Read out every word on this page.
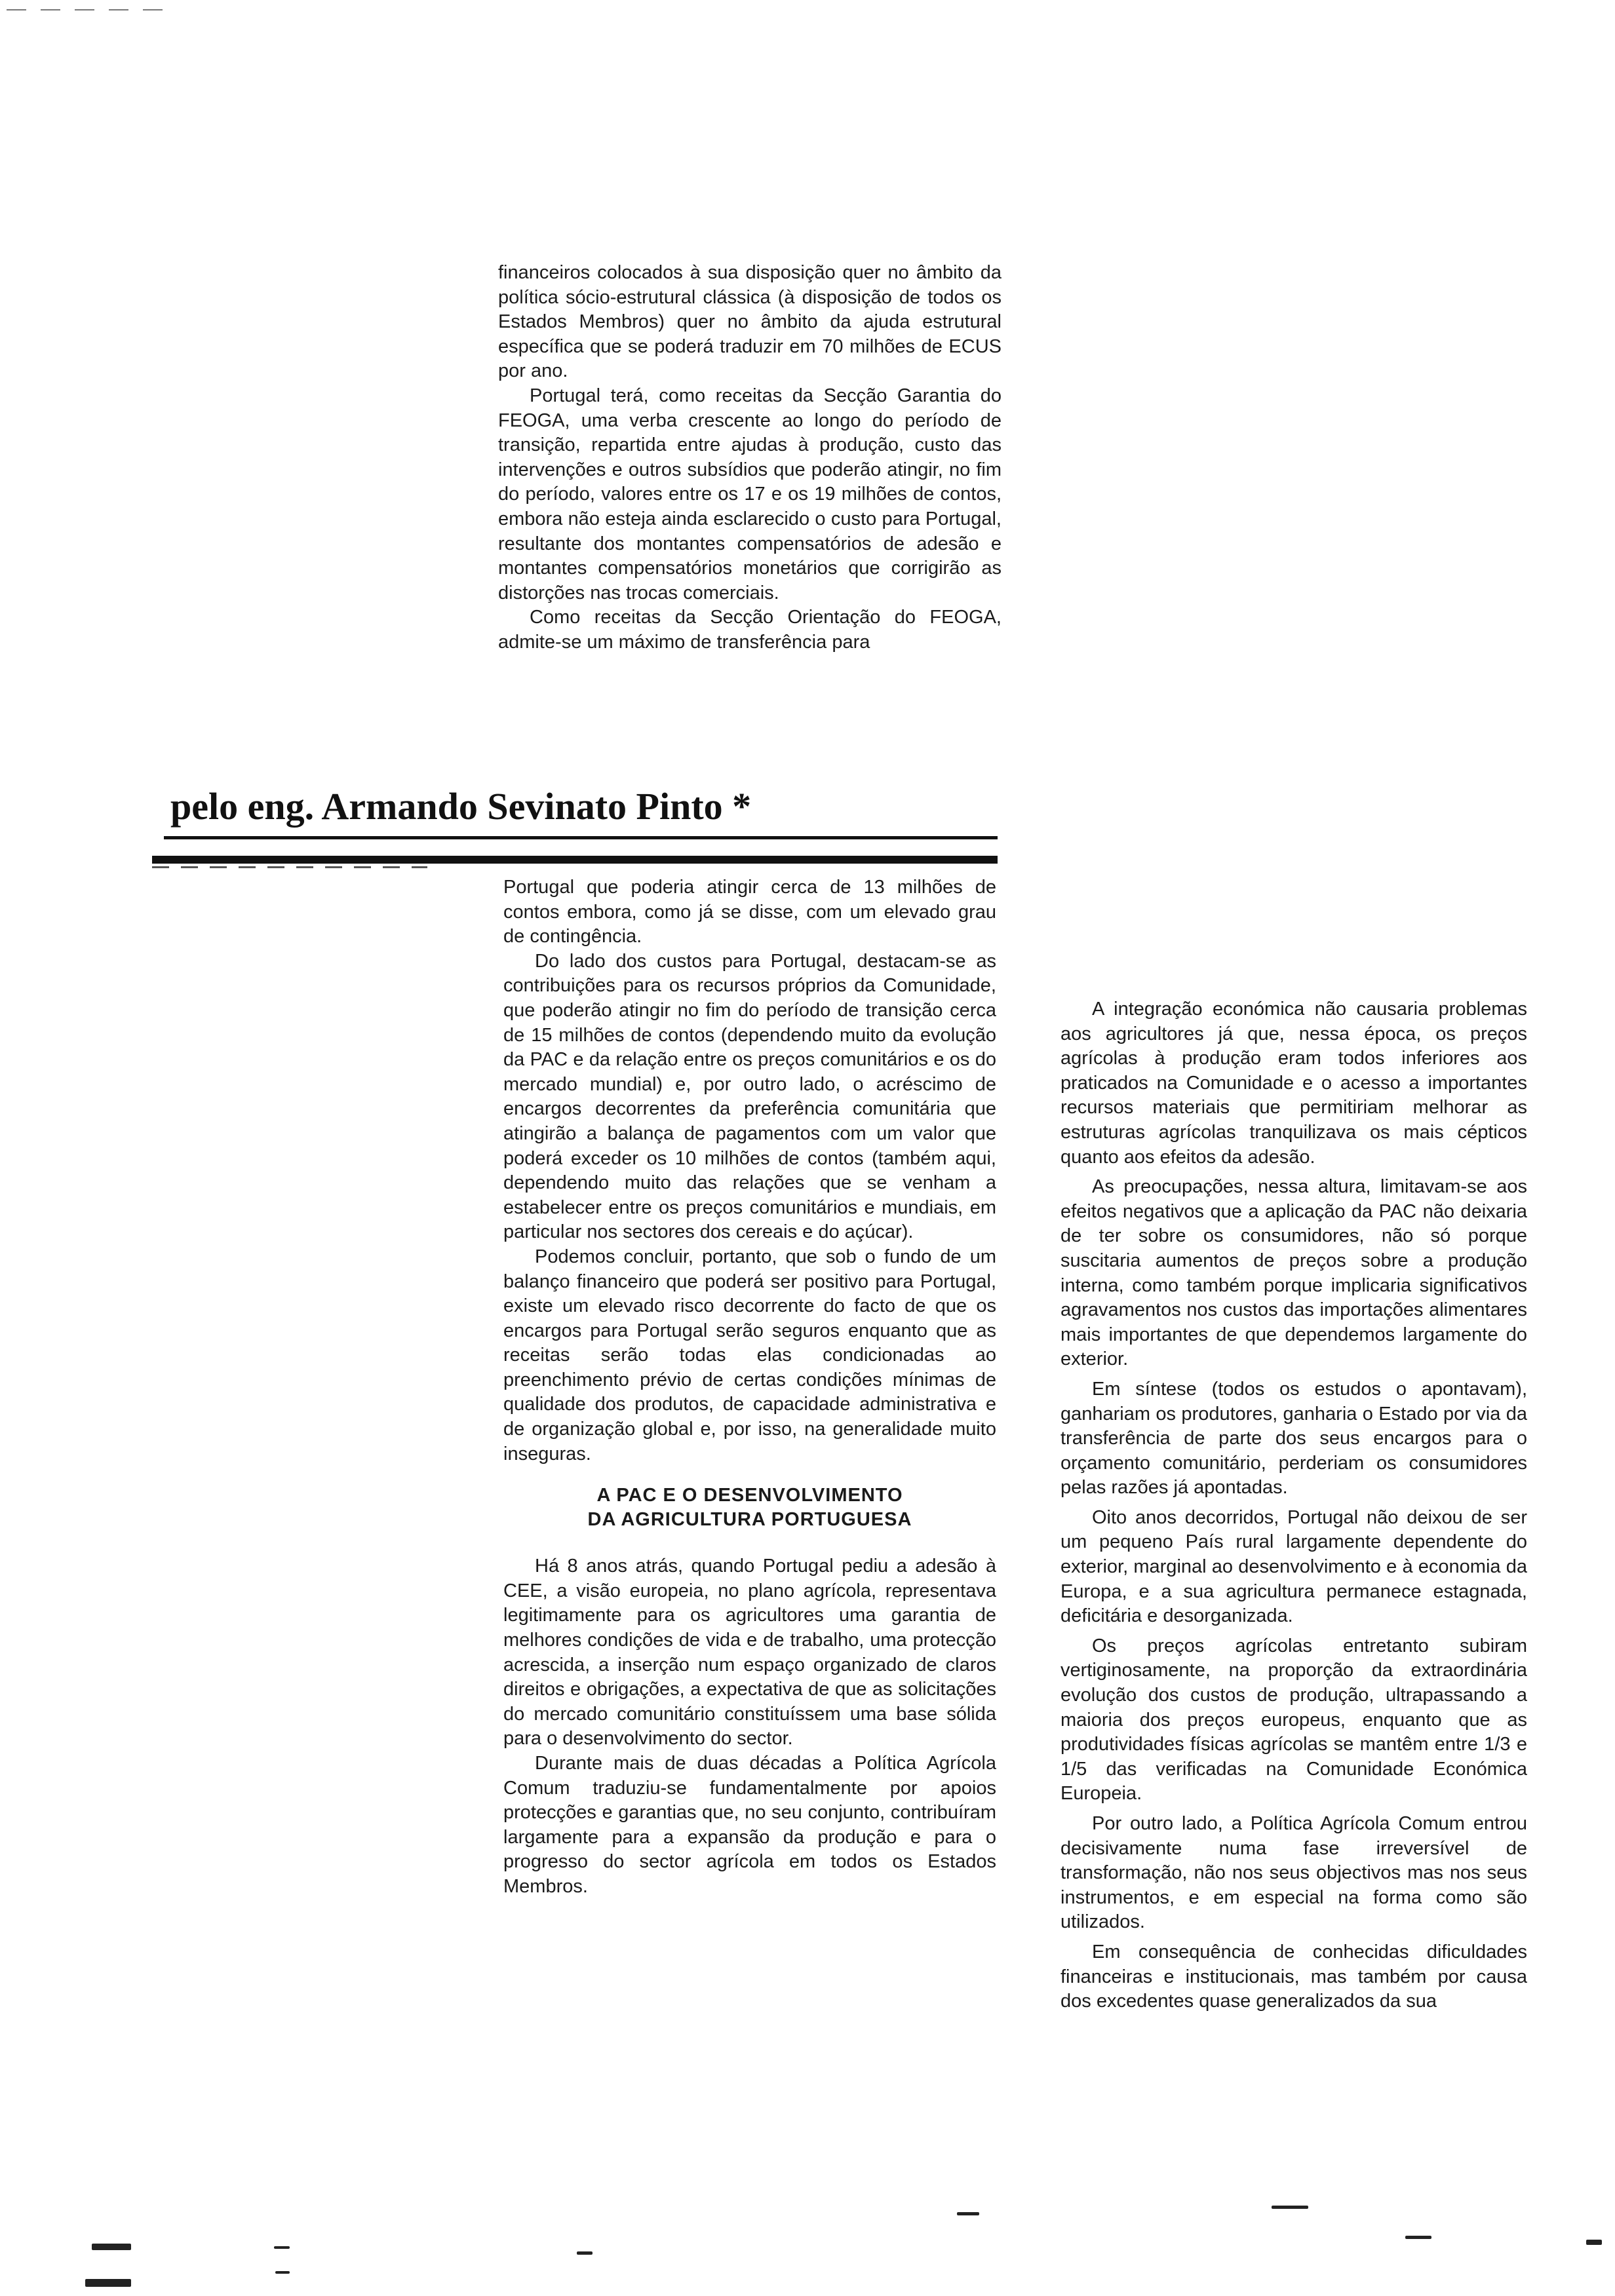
financeiros colocados à sua disposição quer no âmbito da política sócio-estrutural clássica (à disposição de todos os Estados Membros) quer no âmbito da ajuda estrutural específica que se poderá traduzir em 70 milhões de ECUS por ano.

Portugal terá, como receitas da Secção Garantia do FEOGA, uma verba crescente ao longo do período de transição, repartida entre ajudas à produção, custo das intervenções e outros subsídios que poderão atingir, no fim do período, valores entre os 17 e os 19 milhões de contos, embora não esteja ainda esclarecido o custo para Portugal, resultante dos montantes compensatórios de adesão e montantes compensatórios monetários que corrigirão as distorções nas trocas comerciais.

Como receitas da Secção Orientação do FEOGA, admite-se um máximo de transferência para

pelo eng. Armando Sevinato Pinto *

Portugal que poderia atingir cerca de 13 milhões de contos embora, como já se disse, com um elevado grau de contingência.

Do lado dos custos para Portugal, destacam-se as contribuições para os recursos próprios da Comunidade, que poderão atingir no fim do período de transição cerca de 15 milhões de contos (dependendo muito da evolução da PAC e da relação entre os preços comunitários e os do mercado mundial) e, por outro lado, o acréscimo de encargos decorrentes da preferência comunitária que atingirão a balança de pagamentos com um valor que poderá exceder os 10 milhões de contos (também aqui, dependendo muito das relações que se venham a estabelecer entre os preços comunitários e mundiais, em particular nos sectores dos cereais e do açúcar).

Podemos concluir, portanto, que sob o fundo de um balanço financeiro que poderá ser positivo para Portugal, existe um elevado risco decorrente do facto de que os encargos para Portugal serão seguros enquanto que as receitas serão todas elas condicionadas ao preenchimento prévio de certas condições mínimas de qualidade dos produtos, de capacidade administrativa e de organização global e, por isso, na generalidade muito inseguras.

A PAC E O DESENVOLVIMENTO
DA AGRICULTURA PORTUGUESA

Há 8 anos atrás, quando Portugal pediu a adesão à CEE, a visão europeia, no plano agrícola, representava legitimamente para os agricultores uma garantia de melhores condições de vida e de trabalho, uma protecção acrescida, a inserção num espaço organizado de claros direitos e obrigações, a expectativa de que as solicitações do mercado comunitário constituíssem uma base sólida para o desenvolvimento do sector.

Durante mais de duas décadas a Política Agrícola Comum traduziu-se fundamentalmente por apoios protecções e garantias que, no seu conjunto, contribuíram largamente para a expansão da produção e para o progresso do sector agrícola em todos os Estados Membros.

A integração económica não causaria problemas aos agricultores já que, nessa época, os preços agrícolas à produção eram todos inferiores aos praticados na Comunidade e o acesso a importantes recursos materiais que permitiriam melhorar as estruturas agrícolas tranquilizava os mais cépticos quanto aos efeitos da adesão.

As preocupações, nessa altura, limitavam-se aos efeitos negativos que a aplicação da PAC não deixaria de ter sobre os consumidores, não só porque suscitaria aumentos de preços sobre a produção interna, como também porque implicaria significativos agravamentos nos custos das importações alimentares mais importantes de que dependemos largamente do exterior.

Em síntese (todos os estudos o apontavam), ganhariam os produtores, ganharia o Estado por via da transferência de parte dos seus encargos para o orçamento comunitário, perderiam os consumidores pelas razões já apontadas.

Oito anos decorridos, Portugal não deixou de ser um pequeno País rural largamente dependente do exterior, marginal ao desenvolvimento e à economia da Europa, e a sua agricultura permanece estagnada, deficitária e desorganizada.

Os preços agrícolas entretanto subiram vertiginosamente, na proporção da extraordinária evolução dos custos de produção, ultrapassando a maioria dos preços europeus, enquanto que as produtividades físicas agrícolas se mantêm entre 1/3 e 1/5 das verificadas na Comunidade Económica Europeia.

Por outro lado, a Política Agrícola Comum entrou decisivamente numa fase irreversível de transformação, não nos seus objectivos mas nos seus instrumentos, e em especial na forma como são utilizados.

Em consequência de conhecidas dificuldades financeiras e institucionais, mas também por causa dos excedentes quase generalizados da sua
